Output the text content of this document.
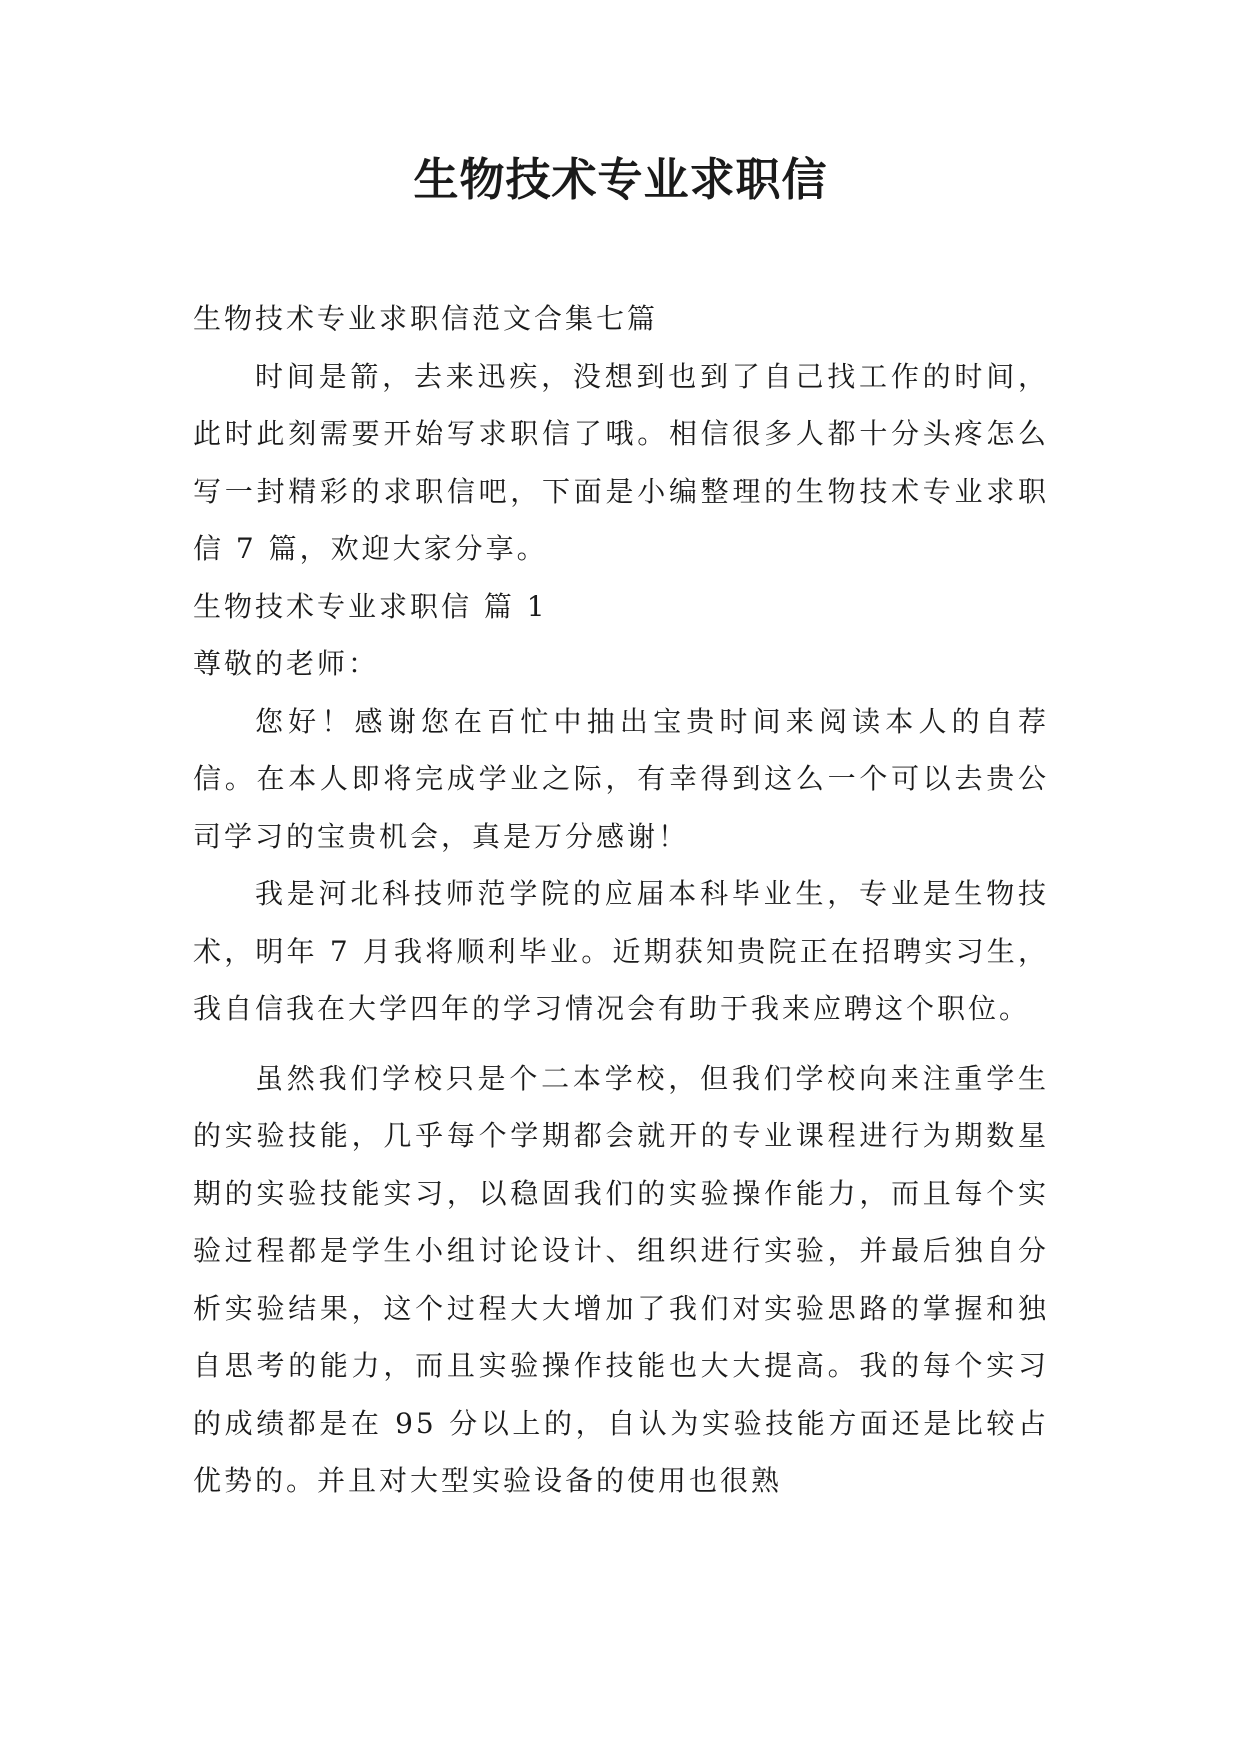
生物技术专业求职信

生物技术专业求职信范文合集七篇

时间是箭，去来迅疾，没想到也到了自己找工作的时间，此时此刻需要开始写求职信了哦。相信很多人都十分头疼怎么写一封精彩的求职信吧，下面是小编整理的生物技术专业求职信 7 篇，欢迎大家分享。

生物技术专业求职信 篇 1

尊敬的老师：

您好！感谢您在百忙中抽出宝贵时间来阅读本人的自荐信。在本人即将完成学业之际，有幸得到这么一个可以去贵公司学习的宝贵机会，真是万分感谢！

我是河北科技师范学院的应届本科毕业生，专业是生物技术，明年 7 月我将顺利毕业。近期获知贵院正在招聘实习生，我自信我在大学四年的学习情况会有助于我来应聘这个职位。

虽然我们学校只是个二本学校，但我们学校向来注重学生的实验技能，几乎每个学期都会就开的专业课程进行为期数星期的实验技能实习，以稳固我们的实验操作能力，而且每个实验过程都是学生小组讨论设计、组织进行实验，并最后独自分析实验结果，这个过程大大增加了我们对实验思路的掌握和独自思考的能力，而且实验操作技能也大大提高。我的每个实习的成绩都是在 95 分以上的，自认为实验技能方面还是比较占优势的。并且对大型实验设备的使用也很熟
